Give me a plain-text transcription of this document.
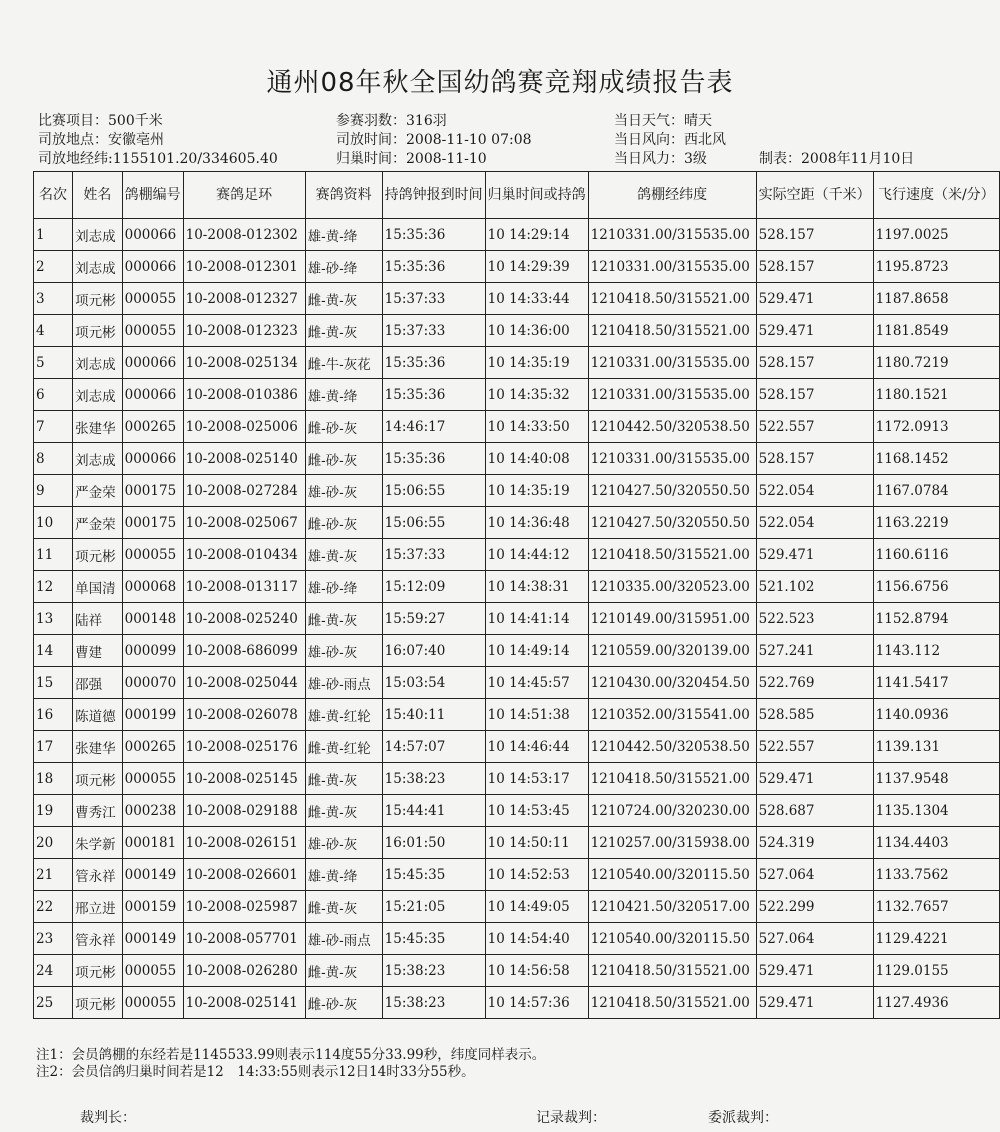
通州08年秋全国幼鸽赛竞翔成绩报告表
比赛项目：500千米
司放地点：安徽亳州
司放地经纬:1155101.20/334605.40
参赛羽数：316羽
司放时间：2008-11-10 07:08
归巢时间：2008-11-10
当日天气：晴天
当日风向：西北风
当日风力：3级	制表：2008年11月10日
名次	姓名	鸽棚编号	赛鸽足环	赛鸽资料	持鸽钟报到时间	归巢时间或持鸽	鸽棚经纬度	实际空距（千米）	飞行速度（米/分）
1	刘志成	000066	10-2008-012302	雄-黄-绛	15:35:36	10 14:29:14	1210331.00/315535.00	528.157	1197.0025
2	刘志成	000066	10-2008-012301	雄-砂-绛	15:35:36	10 14:29:39	1210331.00/315535.00	528.157	1195.8723
3	项元彬	000055	10-2008-012327	雌-黄-灰	15:37:33	10 14:33:44	1210418.50/315521.00	529.471	1187.8658
4	项元彬	000055	10-2008-012323	雌-黄-灰	15:37:33	10 14:36:00	1210418.50/315521.00	529.471	1181.8549
5	刘志成	000066	10-2008-025134	雌-牛-灰花	15:35:36	10 14:35:19	1210331.00/315535.00	528.157	1180.7219
6	刘志成	000066	10-2008-010386	雄-黄-绛	15:35:36	10 14:35:32	1210331.00/315535.00	528.157	1180.1521
7	张建华	000265	10-2008-025006	雌-砂-灰	14:46:17	10 14:33:50	1210442.50/320538.50	522.557	1172.0913
8	刘志成	000066	10-2008-025140	雌-砂-灰	15:35:36	10 14:40:08	1210331.00/315535.00	528.157	1168.1452
9	严金荣	000175	10-2008-027284	雄-砂-灰	15:06:55	10 14:35:19	1210427.50/320550.50	522.054	1167.0784
10	严金荣	000175	10-2008-025067	雌-砂-灰	15:06:55	10 14:36:48	1210427.50/320550.50	522.054	1163.2219
11	项元彬	000055	10-2008-010434	雄-黄-灰	15:37:33	10 14:44:12	1210418.50/315521.00	529.471	1160.6116
12	单国清	000068	10-2008-013117	雄-砂-绛	15:12:09	10 14:38:31	1210335.00/320523.00	521.102	1156.6756
13	陆祥	000148	10-2008-025240	雌-黄-灰	15:59:27	10 14:41:14	1210149.00/315951.00	522.523	1152.8794
14	曹建	000099	10-2008-686099	雄-砂-灰	16:07:40	10 14:49:14	1210559.00/320139.00	527.241	1143.112
15	邵强	000070	10-2008-025044	雄-砂-雨点	15:03:54	10 14:45:57	1210430.00/320454.50	522.769	1141.5417
16	陈道德	000199	10-2008-026078	雄-黄-红轮	15:40:11	10 14:51:38	1210352.00/315541.00	528.585	1140.0936
17	张建华	000265	10-2008-025176	雌-黄-红轮	14:57:07	10 14:46:44	1210442.50/320538.50	522.557	1139.131
18	项元彬	000055	10-2008-025145	雌-黄-灰	15:38:23	10 14:53:17	1210418.50/315521.00	529.471	1137.9548
19	曹秀江	000238	10-2008-029188	雌-黄-灰	15:44:41	10 14:53:45	1210724.00/320230.00	528.687	1135.1304
20	朱学新	000181	10-2008-026151	雄-砂-灰	16:01:50	10 14:50:11	1210257.00/315938.00	524.319	1134.4403
21	管永祥	000149	10-2008-026601	雄-黄-绛	15:45:35	10 14:52:53	1210540.00/320115.50	527.064	1133.7562
22	邢立进	000159	10-2008-025987	雌-黄-灰	15:21:05	10 14:49:05	1210421.50/320517.00	522.299	1132.7657
23	管永祥	000149	10-2008-057701	雄-砂-雨点	15:45:35	10 14:54:40	1210540.00/320115.50	527.064	1129.4221
24	项元彬	000055	10-2008-026280	雌-黄-灰	15:38:23	10 14:56:58	1210418.50/315521.00	529.471	1129.0155
25	项元彬	000055	10-2008-025141	雌-砂-灰	15:38:23	10 14:57:36	1210418.50/315521.00	529.471	1127.4936
注1：会员鸽棚的东经若是1145533.99则表示114度55分33.99秒，纬度同样表示。
注2：会员信鸽归巢时间若是12　14:33:55则表示12日14时33分55秒。
裁判长：	记录裁判：	委派裁判：
